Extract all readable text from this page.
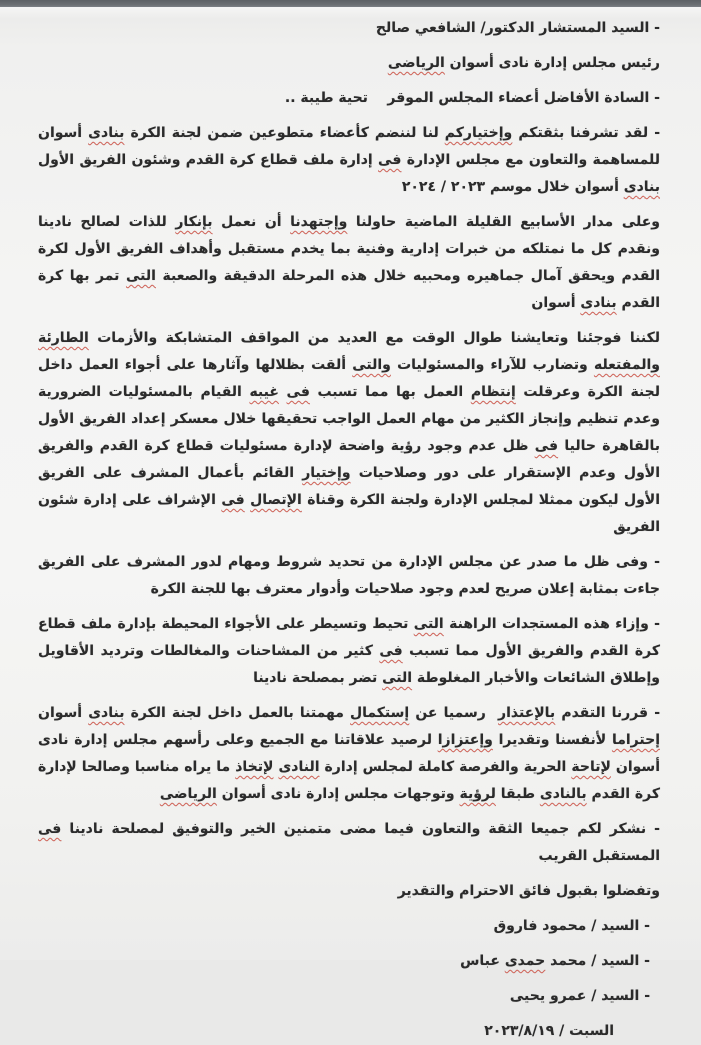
- السيد المستشار الدكتور/ الشافعي صالح

رئيس مجلس إدارة نادى أسوان الرياضى

- السادة الأفاضل أعضاء المجلس الموقر    تحية طيبة ..

- لقد تشرفنا بثقتكم وإختياركم لنا لننضم كأعضاء متطوعين ضمن لجنة الكرة بنادى أسوان للمساهمة والتعاون مع مجلس الإدارة فى إدارة ملف قطاع كرة القدم وشئون الفريق الأول بنادى أسوان خلال موسم ٢٠٢٣ / ٢٠٢٤

وعلى مدار الأسابيع القليلة الماضية حاولنا وإجتهدنا أن نعمل بإنكار للذات لصالح نادينا ونقدم كل ما نمتلكه من خبرات إدارية وفنية بما يخدم مستقبل وأهداف الفريق الأول لكرة القدم ويحقق آمال جماهيره ومحبيه خلال هذه المرحلة الدقيقة والصعبة التى تمر بها كرة القدم بنادى أسوان

لكننا فوجئنا وتعايشنا طوال الوقت مع العديد من المواقف المتشابكة والأزمات الطارئة والمفتعله وتضارب للآراء والمسئوليات والتى ألقت بظلالها وآثارها على أجواء العمل داخل لجنة الكرة وعرقلت إنتظام العمل بها مما تسبب فى غيبه القيام بالمسئوليات الضرورية وعدم تنظيم وإنجاز الكثير من مهام العمل الواجب تحقيقها خلال معسكر إعداد الفريق الأول بالقاهرة حاليا فى ظل عدم وجود رؤية واضحة لإدارة مسئوليات قطاع كرة القدم والفريق الأول وعدم الإستقرار على دور وصلاحيات وإختيار القائم بأعمال المشرف على الفريق الأول ليكون ممثلا لمجلس الإدارة ولجنة الكرة وقناة الإتصال فى الإشراف على إدارة شئون الفريق

- وفى ظل ما صدر عن مجلس الإدارة من تحديد شروط ومهام لدور المشرف على الفريق جاءت بمثابة إعلان صريح لعدم وجود صلاحيات وأدوار معترف بها للجنة الكرة

- وإزاء هذه المستجدات الراهنة التى تحيط وتسيطر على الأجواء المحيطة بإدارة ملف قطاع كرة القدم والفريق الأول مما تسبب فى كثير من المشاحنات والمغالطات وترديد الأقاويل وإطلاق الشائعات والأخبار المغلوطة التى تضر بمصلحة نادينا

- قررنا التقدم بالإعتذار  رسميا عن إستكمال مهمتنا بالعمل داخل لجنة الكرة بنادى أسوان إحتراما لأنفسنا وتقديرا وإعتزازا لرصيد علاقاتنا مع الجميع وعلى رأسهم مجلس إدارة نادى أسوان لإتاحة الحرية والفرصة كاملة لمجلس إدارة النادى لإتخاذ ما يراه مناسبا وصالحا لإدارة كرة القدم بالنادى طبقا لرؤية وتوجهات مجلس إدارة نادى أسوان الرياضى

- نشكر لكم جميعا الثقة والتعاون فيما مضى متمنين الخير والتوفيق لمصلحة نادينا فى المستقبل القريب

وتفضلوا بقبول فائق الاحترام والتقدير

- السيد / محمود فاروق

- السيد / محمد حمدى عباس

- السيد / عمرو يحيى

السبت / ٢٠٢٣/٨/١٩
